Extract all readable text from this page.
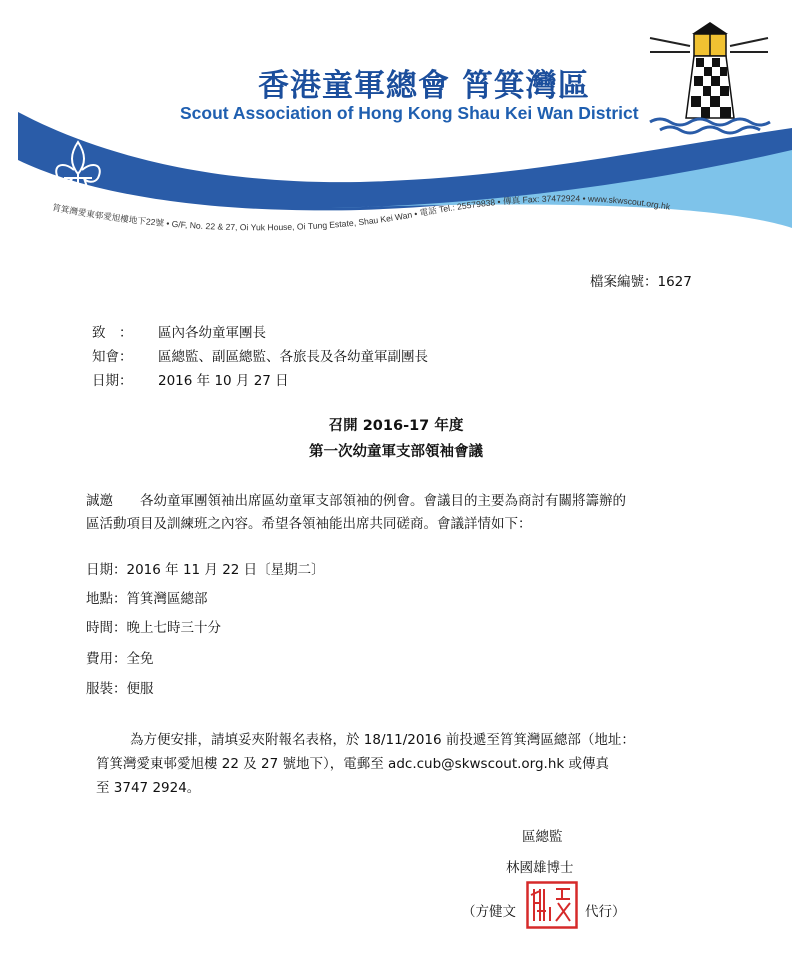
香港童軍總會 筲箕灣區
Scout Association of Hong Kong Shau Kei Wan District
筲箕灣愛東邨愛旭樓地下22號 • G/F, No. 22 & 27, Oi Yuk House, Oi Tung Estate, Shau Kei Wan • 電話 Tel.: 25579838 • 傳真 Fax: 37472924 • www.skwscout.org.hk
檔案編號：1627
致　： 區內各幼童軍團長
知會： 區總監、副區總監、各旅長及各幼童軍副團長
日期： 2016 年 10 月 27 日
召開 2016-17 年度
第一次幼童軍支部領袖會議
誠邀　　各幼童軍團領袖出席區幼童軍支部領袖的例會。會議目的主要為商討有關將籌辦的
區活動項目及訓練班之內容。希望各領袖能出席共同磋商。會議詳情如下：
日期：2016 年 11 月 22 日〔星期二〕
地點：筲箕灣區總部
時間：晚上七時三十分
費用：全免
服裝：便服
為方便安排，請填妥夾附報名表格，於 18/11/2016 前投遞至筲箕灣區總部（地址：
筲箕灣愛東邨愛旭樓 22 及 27 號地下），電郵至 adc.cub@skwscout.org.hk 或傳真
至 3747 2924。
區總監
林國雄博士
（方健文	代行）
